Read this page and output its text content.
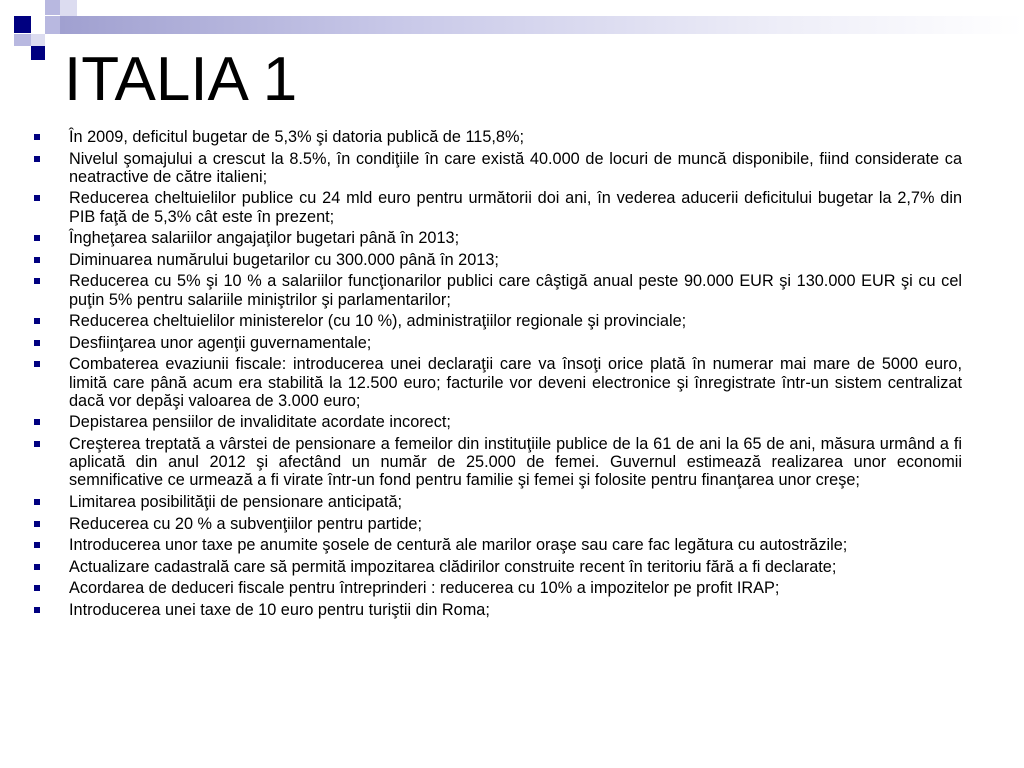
ITALIA 1
În 2009, deficitul bugetar de 5,3% şi datoria publică de 115,8%;
Nivelul şomajului a crescut la 8.5%, în condiţiile în care există 40.000 de locuri de muncă disponibile, fiind considerate ca neatractive de către italieni;
Reducerea cheltuielilor publice cu 24 mld euro pentru următorii doi ani, în vederea aducerii deficitului bugetar la 2,7% din PIB faţă de 5,3% cât este în prezent;
Îngheţarea salariilor angajaţilor bugetari până în 2013;
Diminuarea numărului bugetarilor cu 300.000 până în 2013;
Reducerea cu 5% şi 10 % a salariilor funcţionarilor publici care câştigă anual peste 90.000 EUR şi 130.000 EUR şi cu cel puţin 5% pentru salariile miniştrilor şi parlamentarilor;
Reducerea cheltuielilor ministerelor (cu 10 %), administraţiilor regionale şi provinciale;
Desfiinţarea unor agenţii guvernamentale;
Combaterea evaziunii fiscale: introducerea unei declaraţii care va însoţi orice plată în numerar mai mare de 5000 euro, limită care până acum era stabilită la 12.500 euro; facturile vor deveni electronice şi înregistrate într-un sistem centralizat dacă vor depăşi valoarea de 3.000 euro;
Depistarea pensiilor de invaliditate acordate incorect;
Creşterea treptată a vârstei de pensionare a femeilor din instituţiile publice de la 61 de ani la 65 de ani, măsura urmând a fi aplicată din anul 2012 şi afectând un număr de 25.000 de femei. Guvernul estimează realizarea unor economii semnificative ce urmează a fi virate într-un fond pentru familie şi femei şi folosite pentru finanţarea unor creşe;
Limitarea posibilităţii de pensionare anticipată;
Reducerea cu 20 % a subvenţiilor pentru partide;
Introducerea unor taxe pe anumite şosele de centură ale marilor oraşe sau care fac legătura cu autostrăzile;
Actualizare cadastrală care să permită impozitarea clădirilor construite recent în teritoriu fără a fi declarate;
Acordarea de deduceri fiscale pentru întreprinderi : reducerea cu 10% a impozitelor pe profit IRAP;
Introducerea unei taxe de 10 euro pentru turiştii din Roma;
